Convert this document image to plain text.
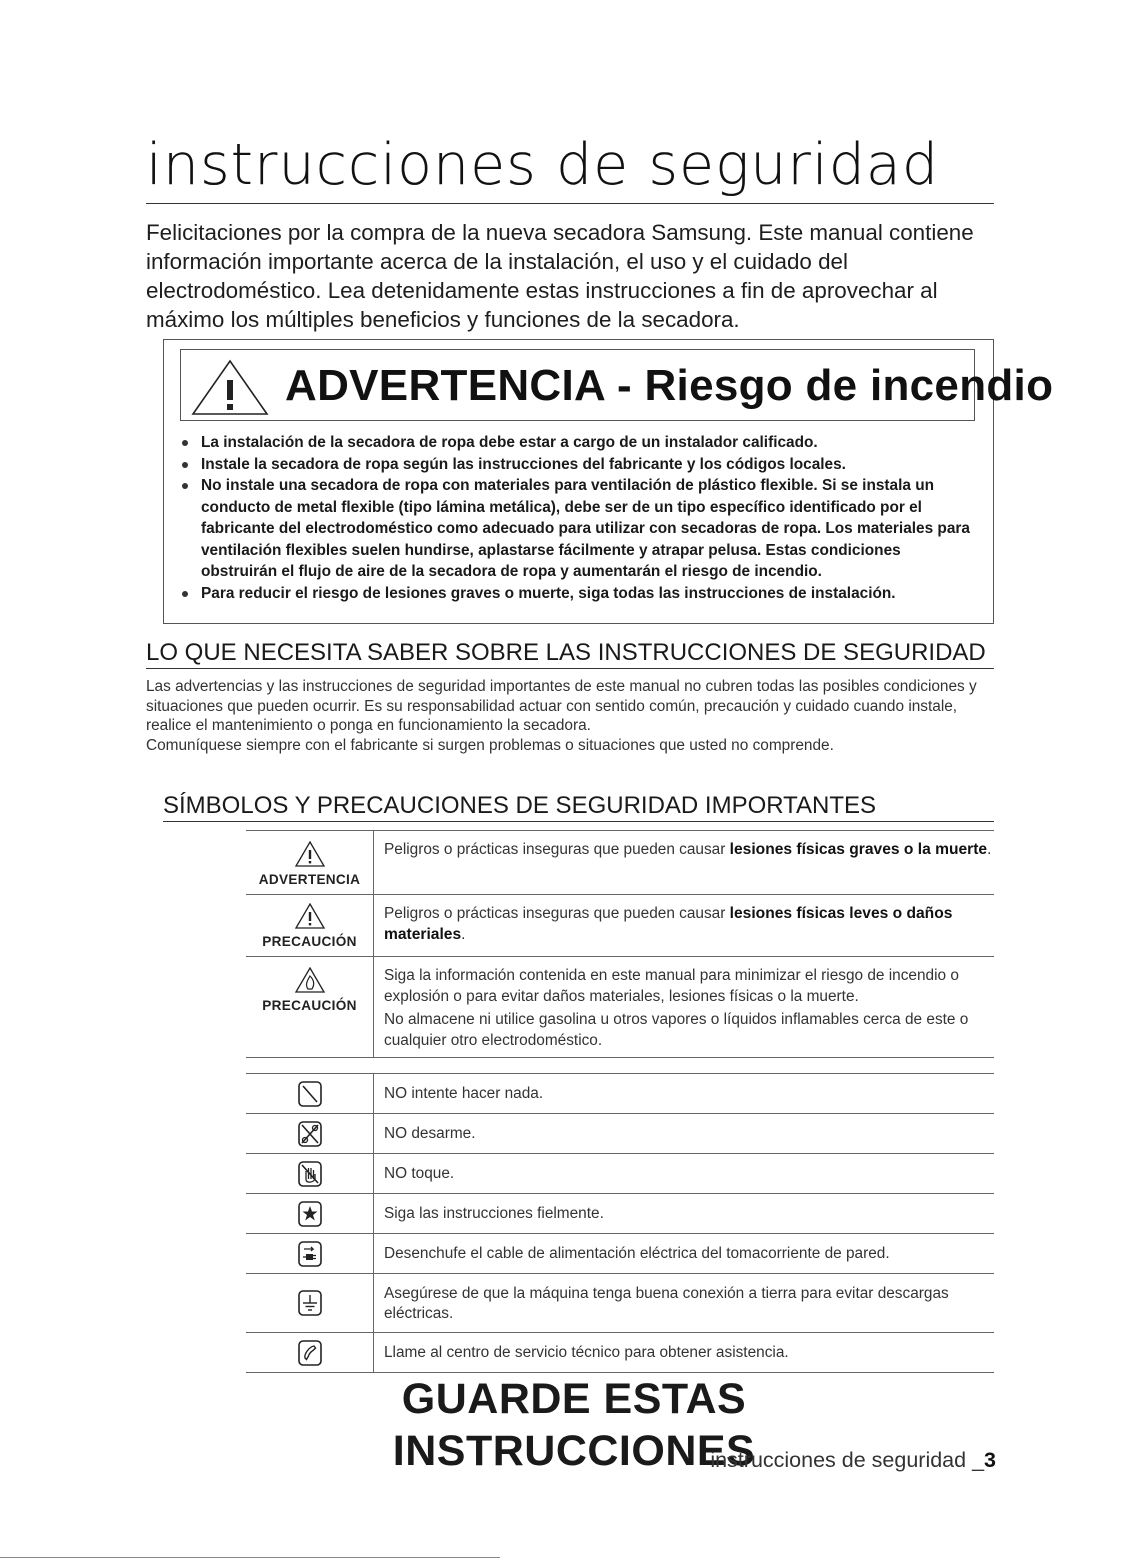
instrucciones de seguridad

Felicitaciones por la compra de la nueva secadora Samsung. Este manual contiene información importante acerca de la instalación, el uso y el cuidado del electrodoméstico. Lea detenidamente estas instrucciones a fin de aprovechar al máximo los múltiples beneficios y funciones de la secadora.

ADVERTENCIA - Riesgo de incendio
La instalación de la secadora de ropa debe estar a cargo de un instalador calificado.
Instale la secadora de ropa según las instrucciones del fabricante y los códigos locales.
No instale una secadora de ropa con materiales para ventilación de plástico flexible. Si se instala un conducto de metal flexible (tipo lámina metálica), debe ser de un tipo específico identificado por el fabricante del electrodoméstico como adecuado para utilizar con secadoras de ropa. Los materiales para ventilación flexibles suelen hundirse, aplastarse fácilmente y atrapar pelusa. Estas condiciones obstruirán el flujo de aire de la secadora de ropa y aumentarán el riesgo de incendio.
Para reducir el riesgo de lesiones graves o muerte, siga todas las instrucciones de instalación.
LO QUE NECESITA SABER SOBRE LAS INSTRUCCIONES DE SEGURIDAD

Las advertencias y las instrucciones de seguridad importantes de este manual no cubren todas las posibles condiciones y situaciones que pueden ocurrir. Es su responsabilidad actuar con sentido común, precaución y cuidado cuando instale, realice el mantenimiento o ponga en funcionamiento la secadora.

Comuníquese siempre con el fabricante si surgen problemas o situaciones que usted no comprende.

SÍMBOLOS Y PRECAUCIONES DE SEGURIDAD IMPORTANTES
ADVERTENCIA	Peligros o prácticas inseguras que pueden causar lesiones físicas graves o la muerte.

PRECAUCIÓN	Peligros o prácticas inseguras que pueden causar lesiones físicas leves o daños materiales.

PRECAUCIÓN	Siga la información contenida en este manual para minimizar el riesgo de incendio o explosión o para evitar daños materiales, lesiones físicas o la muerte.
No almacene ni utilice gasolina u otros vapores o líquidos inflamables cerca de este o cualquier otro electrodoméstico.
	NO intente hacer nada.
	NO desarme.
	NO toque.
	Siga las instrucciones fielmente.
	Desenchufe el cable de alimentación eléctrica del tomacorriente de pared.
	Asegúrese de que la máquina tenga buena conexión a tierra para evitar descargas eléctricas.
	Llame al centro de servicio técnico para obtener asistencia.

GUARDE ESTAS INSTRUCCIONES

instrucciones de seguridad _3
